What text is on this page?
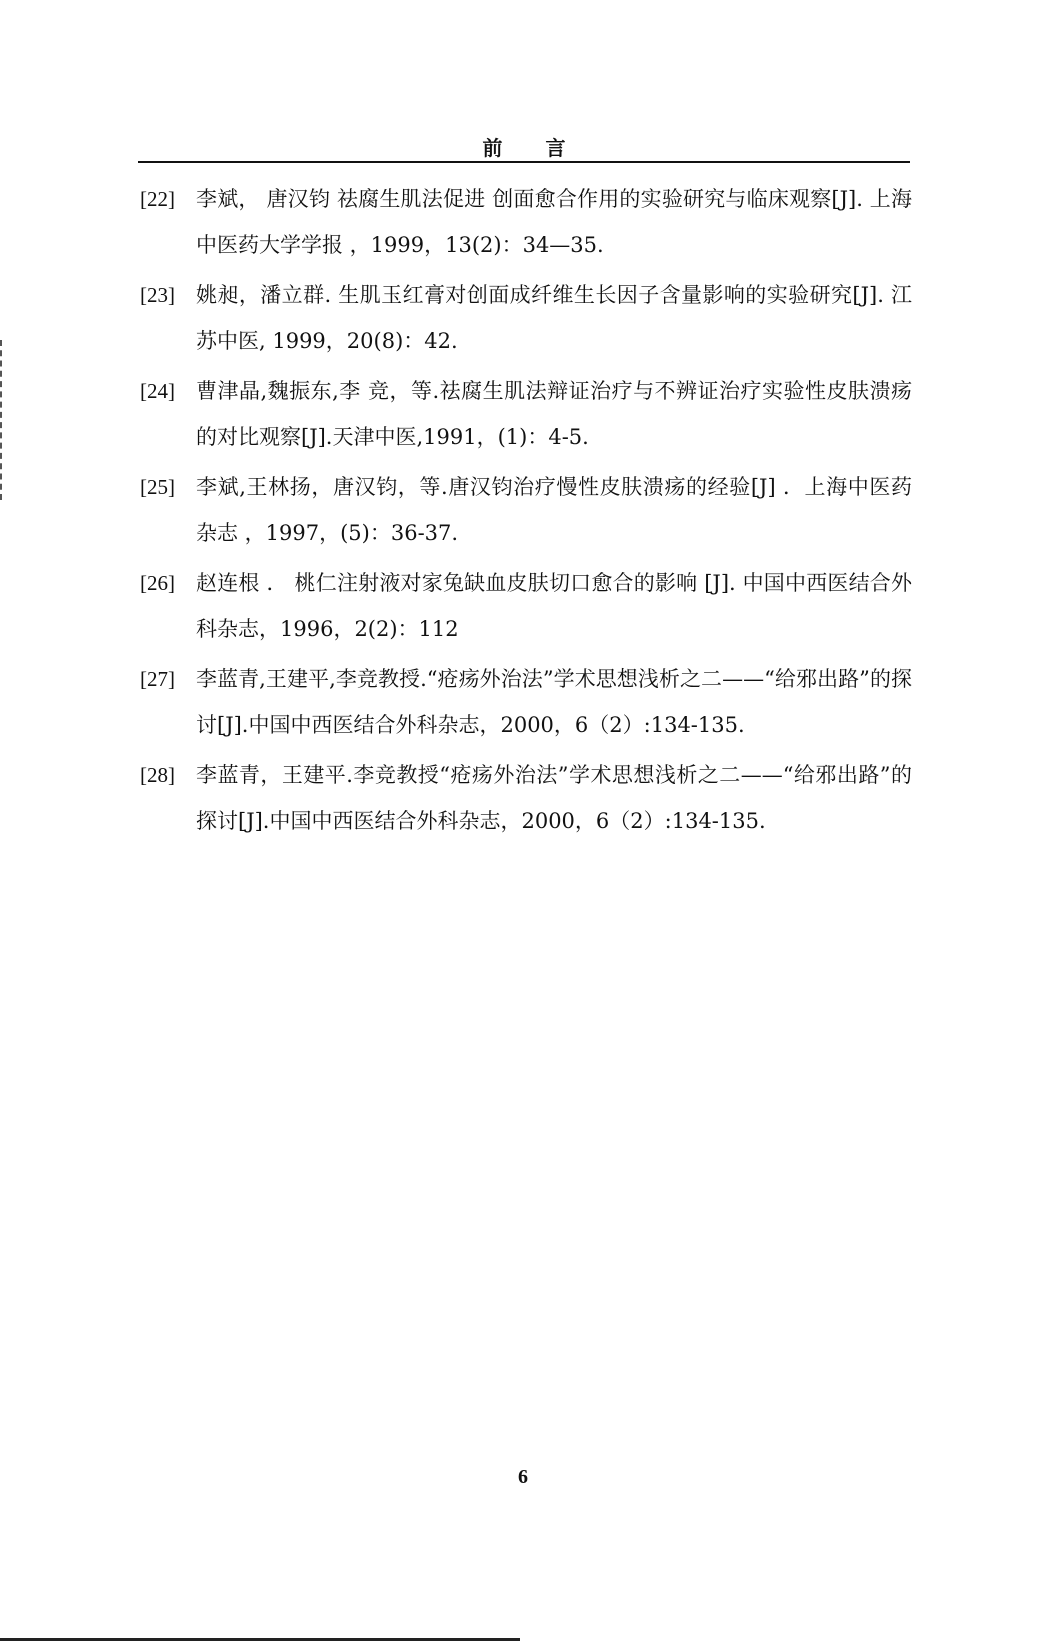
前 言
[22] 李斌， 唐汉钧 祛腐生肌法促进 创面愈合作用的实验研究与临床观察[J]. 上海中医药大学学报 ，1999，13(2)：34—35.
[23] 姚昶，潘立群. 生肌玉红膏对创面成纤维生长因子含量影响的实验研究[J]. 江苏中医, 1999，20(8)：42.
[24] 曹津晶,魏振东,李 竞，等.祛腐生肌法辩证治疗与不辨证治疗实验性皮肤溃疡的对比观察[J].天津中医,1991，(1)：4-5.
[25] 李斌,王林扬，唐汉钧，等.唐汉钧治疗慢性皮肤溃疡的经验[J] ．上海中医药杂志 ，1997，(5)：36-37.
[26] 赵连根 ． 桃仁注射液对家兔缺血皮肤切口愈合的影响 [J]. 中国中西医结合外科杂志，1996，2(2)：112
[27] 李蓝青,王建平,李竞教授.“疮疡外治法”学术思想浅析之二——“给邪出路”的探讨[J].中国中西医结合外科杂志，2000，6（2）:134-135.
[28] 李蓝青，王建平.李竞教授“疮疡外治法”学术思想浅析之二——“给邪出路”的探讨[J].中国中西医结合外科杂志，2000，6（2）:134-135.
6
